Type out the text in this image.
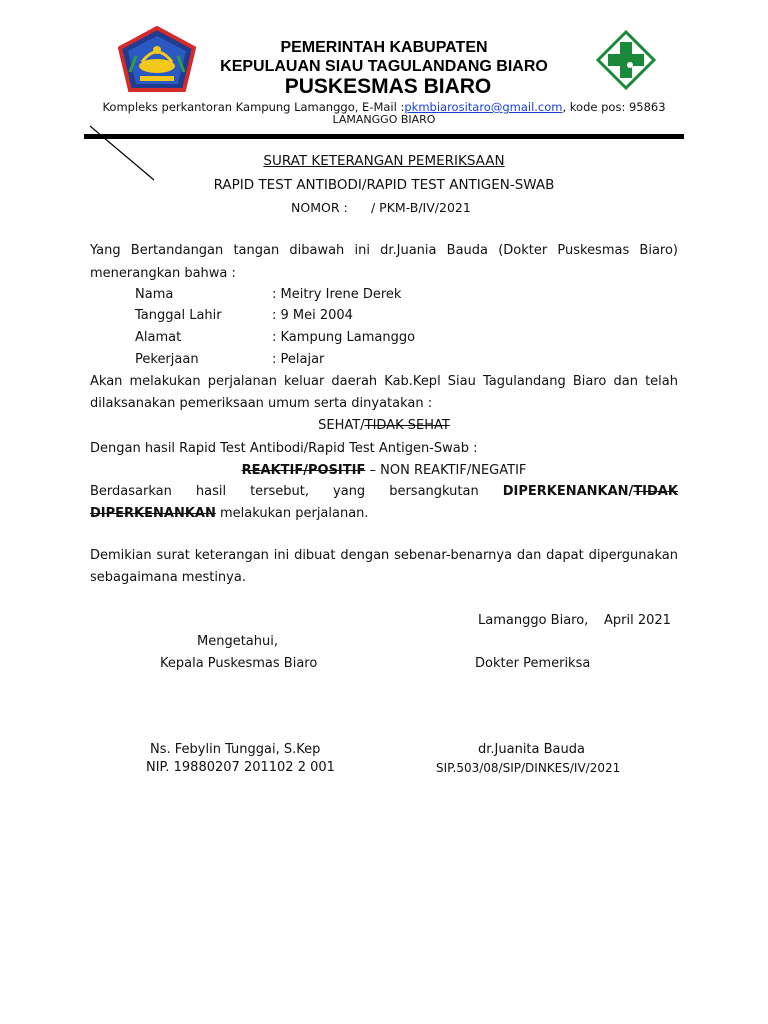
PEMERINTAH KABUPATEN
KEPULAUAN SIAU TAGULANDANG BIARO
PUSKESMAS BIARO
Kompleks perkantoran Kampung Lamanggo, E-Mail :pkmbiarositaro@gmail.com, kode pos: 95863
LAMANGGO BIARO
SURAT KETERANGAN PEMERIKSAAN
RAPID TEST ANTIBODI/RAPID TEST ANTIGEN-SWAB
NOMOR : / PKM-B/IV/2021
Yang Bertandangan tangan dibawah ini dr.Juania Bauda (Dokter Puskesmas Biaro)
menerangkan bahwa :
Nama	: Meitry Irene Derek
Tanggal Lahir	: 9 Mei 2004
Alamat	: Kampung Lamanggo
Pekerjaan	: Pelajar
Akan melakukan perjalanan keluar daerah Kab.Kepl Siau Tagulandang Biaro dan telah
dilaksanakan pemeriksaan umum serta dinyatakan :
SEHAT/TIDAK SEHAT
Dengan hasil Rapid Test Antibodi/Rapid Test Antigen-Swab :
REAKTIF/POSITIF – NON REAKTIF/NEGATIF
Berdasarkan hasil tersebut, yang bersangkutan DIPERKENANKAN/TIDAK
DIPERKENANKAN melakukan perjalanan.
Demikian surat keterangan ini dibuat dengan sebenar-benarnya dan dapat dipergunakan
sebagaimana mestinya.
Lamanggo Biaro, April 2021
Mengetahui,
Kepala Puskesmas Biaro	Dokter Pemeriksa
Ns. Febylin Tunggai, S.Kep
NIP. 19880207 201102 2 001
dr.Juanita Bauda
SIP.503/08/SIP/DINKES/IV/2021
